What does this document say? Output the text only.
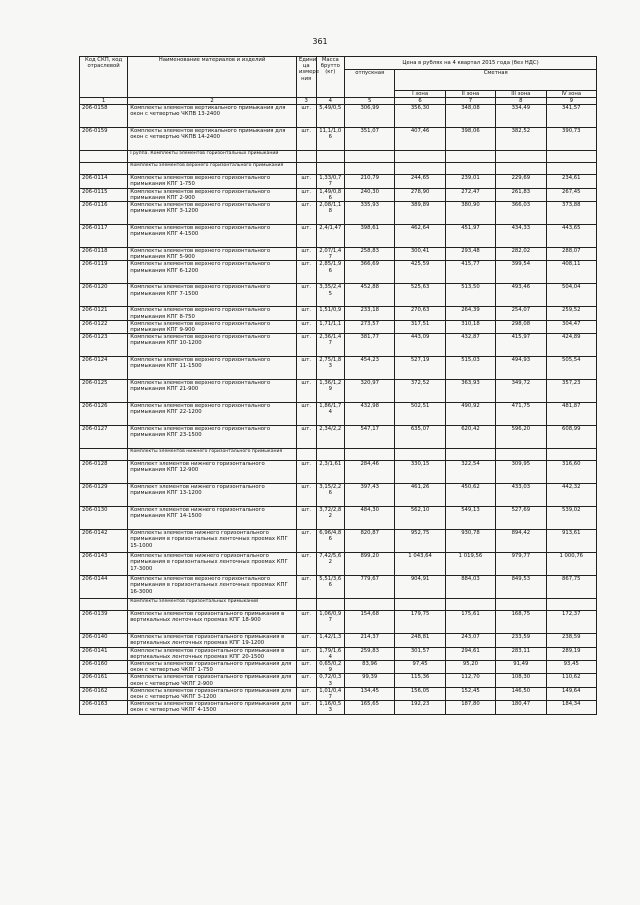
361
Код СКП, код отраслевой	Наименование материалов и изделий	Едини ца измере ния	Масса брутто (кг)	Цена в рублях на 4 квартал 2015 года (без НДС)				
				отпускная	Сметная			
					I зона	II зона	III зона	IV зона
1	2	3	4	5	6	7	8	9
206-0158	Комплекты элементов вертикального примыкания для окон с четвертью ЧКПВ 13-2400	шт.	5,49/0,5	306,99	356,30	348,08	334,49	341,57
206-0159	Комплекты элементов вертикального примыкания для окон с четвертью ЧКПВ 14-2400	шт.	11,1/1,0 6	351,07	407,46	398,06	382,52	390,73
	Группа. Комплекты элементов горизонтальных примыканий							
	Комплекты элементов верхнего горизонтального примыкания							
206-0114	Комплекты элементов верхнего горизонтального примыкания КПГ 1-750	шт.	1,33/0,7 7	210,79	244,65	239,01	229,69	234,61
206-0115	Комплекты элементов верхнего горизонтального примыкания КПГ 2-900	шт.	1,49/0,8 6	240,30	278,90	272,47	261,83	267,45
206-0116	Комплекты элементов верхнего горизонтального примыкания КПГ 3-1200	шт.	2,08/1,1 8	335,93	389,89	380,90	366,03	373,88
206-0117	Комплекты элементов верхнего горизонтального примыкания КПГ 4-1500	шт.	2,4/1,47	398,61	462,64	451,97	434,33	443,65
206-0118	Комплекты элементов верхнего горизонтального примыкания КПГ 5-900	шт.	2,07/1,4 7	258,83	300,41	293,48	282,02	288,07
206-0119	Комплекты элементов верхнего горизонтального примыкания КПГ 6-1200	шт.	2,85/1,9 6	366,69	425,59	415,77	399,54	408,11
206-0120	Комплекты элементов верхнего горизонтального примыкания КПГ 7-1500	шт.	3,35/2,4 5	452,88	525,63	513,50	493,46	504,04
206-0121	Комплекты элементов верхнего горизонтального примыкания КПГ 8-750	шт.	1,51/0,9	233,18	270,63	264,39	254,07	259,52
206-0122	Комплекты элементов верхнего горизонтального примыкания КПГ 9-900	шт.	1,71/1,1	273,57	317,51	310,18	298,08	304,47
206-0123	Комплекты элементов верхнего горизонтального примыкания КПГ 10-1200	шт.	2,36/1,4 7	381,77	443,09	432,87	415,97	424,89
206-0124	Комплекты элементов верхнего горизонтального примыкания КПГ 11-1500	шт.	2,75/1,8 3	454,23	527,19	515,03	494,93	505,54
206-0125	Комплекты элементов верхнего горизонтального примыкания КПГ 21-900	шт.	1,36/1,2 9	320,97	372,52	363,93	349,72	357,23
206-0126	Комплекты элементов верхнего горизонтального примыкания КПГ 22-1200	шт.	1,86/1,7 4	432,98	502,51	490,92	471,75	481,87
206-0127	Комплекты элементов верхнего горизонтального примыкания КПГ 23-1500	шт.	2,34/2,2	547,17	635,07	620,42	596,20	608,99
	Комплекты элементов нижнего горизонтального примыкания							
206-0128	Комплект элементов нижнего горизонтального примыкания КПГ 12-900	шт.	2,3/1,61	284,46	330,15	322,54	309,95	316,60
206-0129	Комплект элементов нижнего горизонтального примыкания КПГ 13-1200	шт.	3,15/2,2 6	397,43	461,26	450,62	433,03	442,32
206-0130	Комплект элементов нижнего горизонтального примыкания КПГ 14-1500	шт.	3,72/2,8 2	484,30	562,10	549,13	527,69	539,02
206-0142	Комплекты элементов нижнего горизонтального примыкания в горизонтальных ленточных проемах КПГ 15-1000	шт.	6,96/4,8 6	820,87	952,75	930,78	894,42	913,61
206-0143	Комплекты элементов нижнего горизонтального примыкания в горизонтальных ленточных проемах КПГ 17-3000	шт.	7,42/5,6 2	899,20	1 043,64	1 019,56	979,77	1 000,76
206-0144	Комплекты элементов верхнего горизонтального примыкания в горизонтальных ленточных проемах КПГ 16-3000	шт.	5,51/3,6 6	779,67	904,91	884,03	849,53	867,75
	Комплекты элементов горизонтальных примыканий							
206-0139	Комплекты элементов горизонтального примыкания в вертикальных ленточных проемах КПГ 18-900	шт.	1,06/0,9 7	154,68	179,75	175,61	168,75	172,37
206-0140	Комплекты элементов горизонтального примыкания в вертикальных ленточных проемах КПГ 19-1200	шт.	1,42/1,3	214,37	248,81	243,07	233,59	238,59
206-0141	Комплекты элементов горизонтального примыкания в вертикальных ленточных проемах КПГ 20-1500	шт.	1,79/1,6 4	259,83	301,57	294,61	283,11	289,19
206-0160	Комплекты элементов горизонтального примыкания для окон с четвертью ЧКПГ 1-750	шт.	0,65/0,2 9	83,96	97,45	95,20	91,49	93,45
206-0161	Комплекты элементов горизонтального примыкания для окон с четвертью ЧКПГ 2-900	шт.	0,72/0,3 3	99,39	115,36	112,70	108,30	110,62
206-0162	Комплекты элементов горизонтального примыкания для окон с четвертью ЧКПГ 3-1200	шт.	1,01/0,4 7	134,45	156,05	152,45	146,50	149,64
206-0163	Комплекты элементов горизонтального примыкания для окон с четвертью ЧКПГ 4-1500	шт.	1,16/0,5 3	165,65	192,23	187,80	180,47	184,34
